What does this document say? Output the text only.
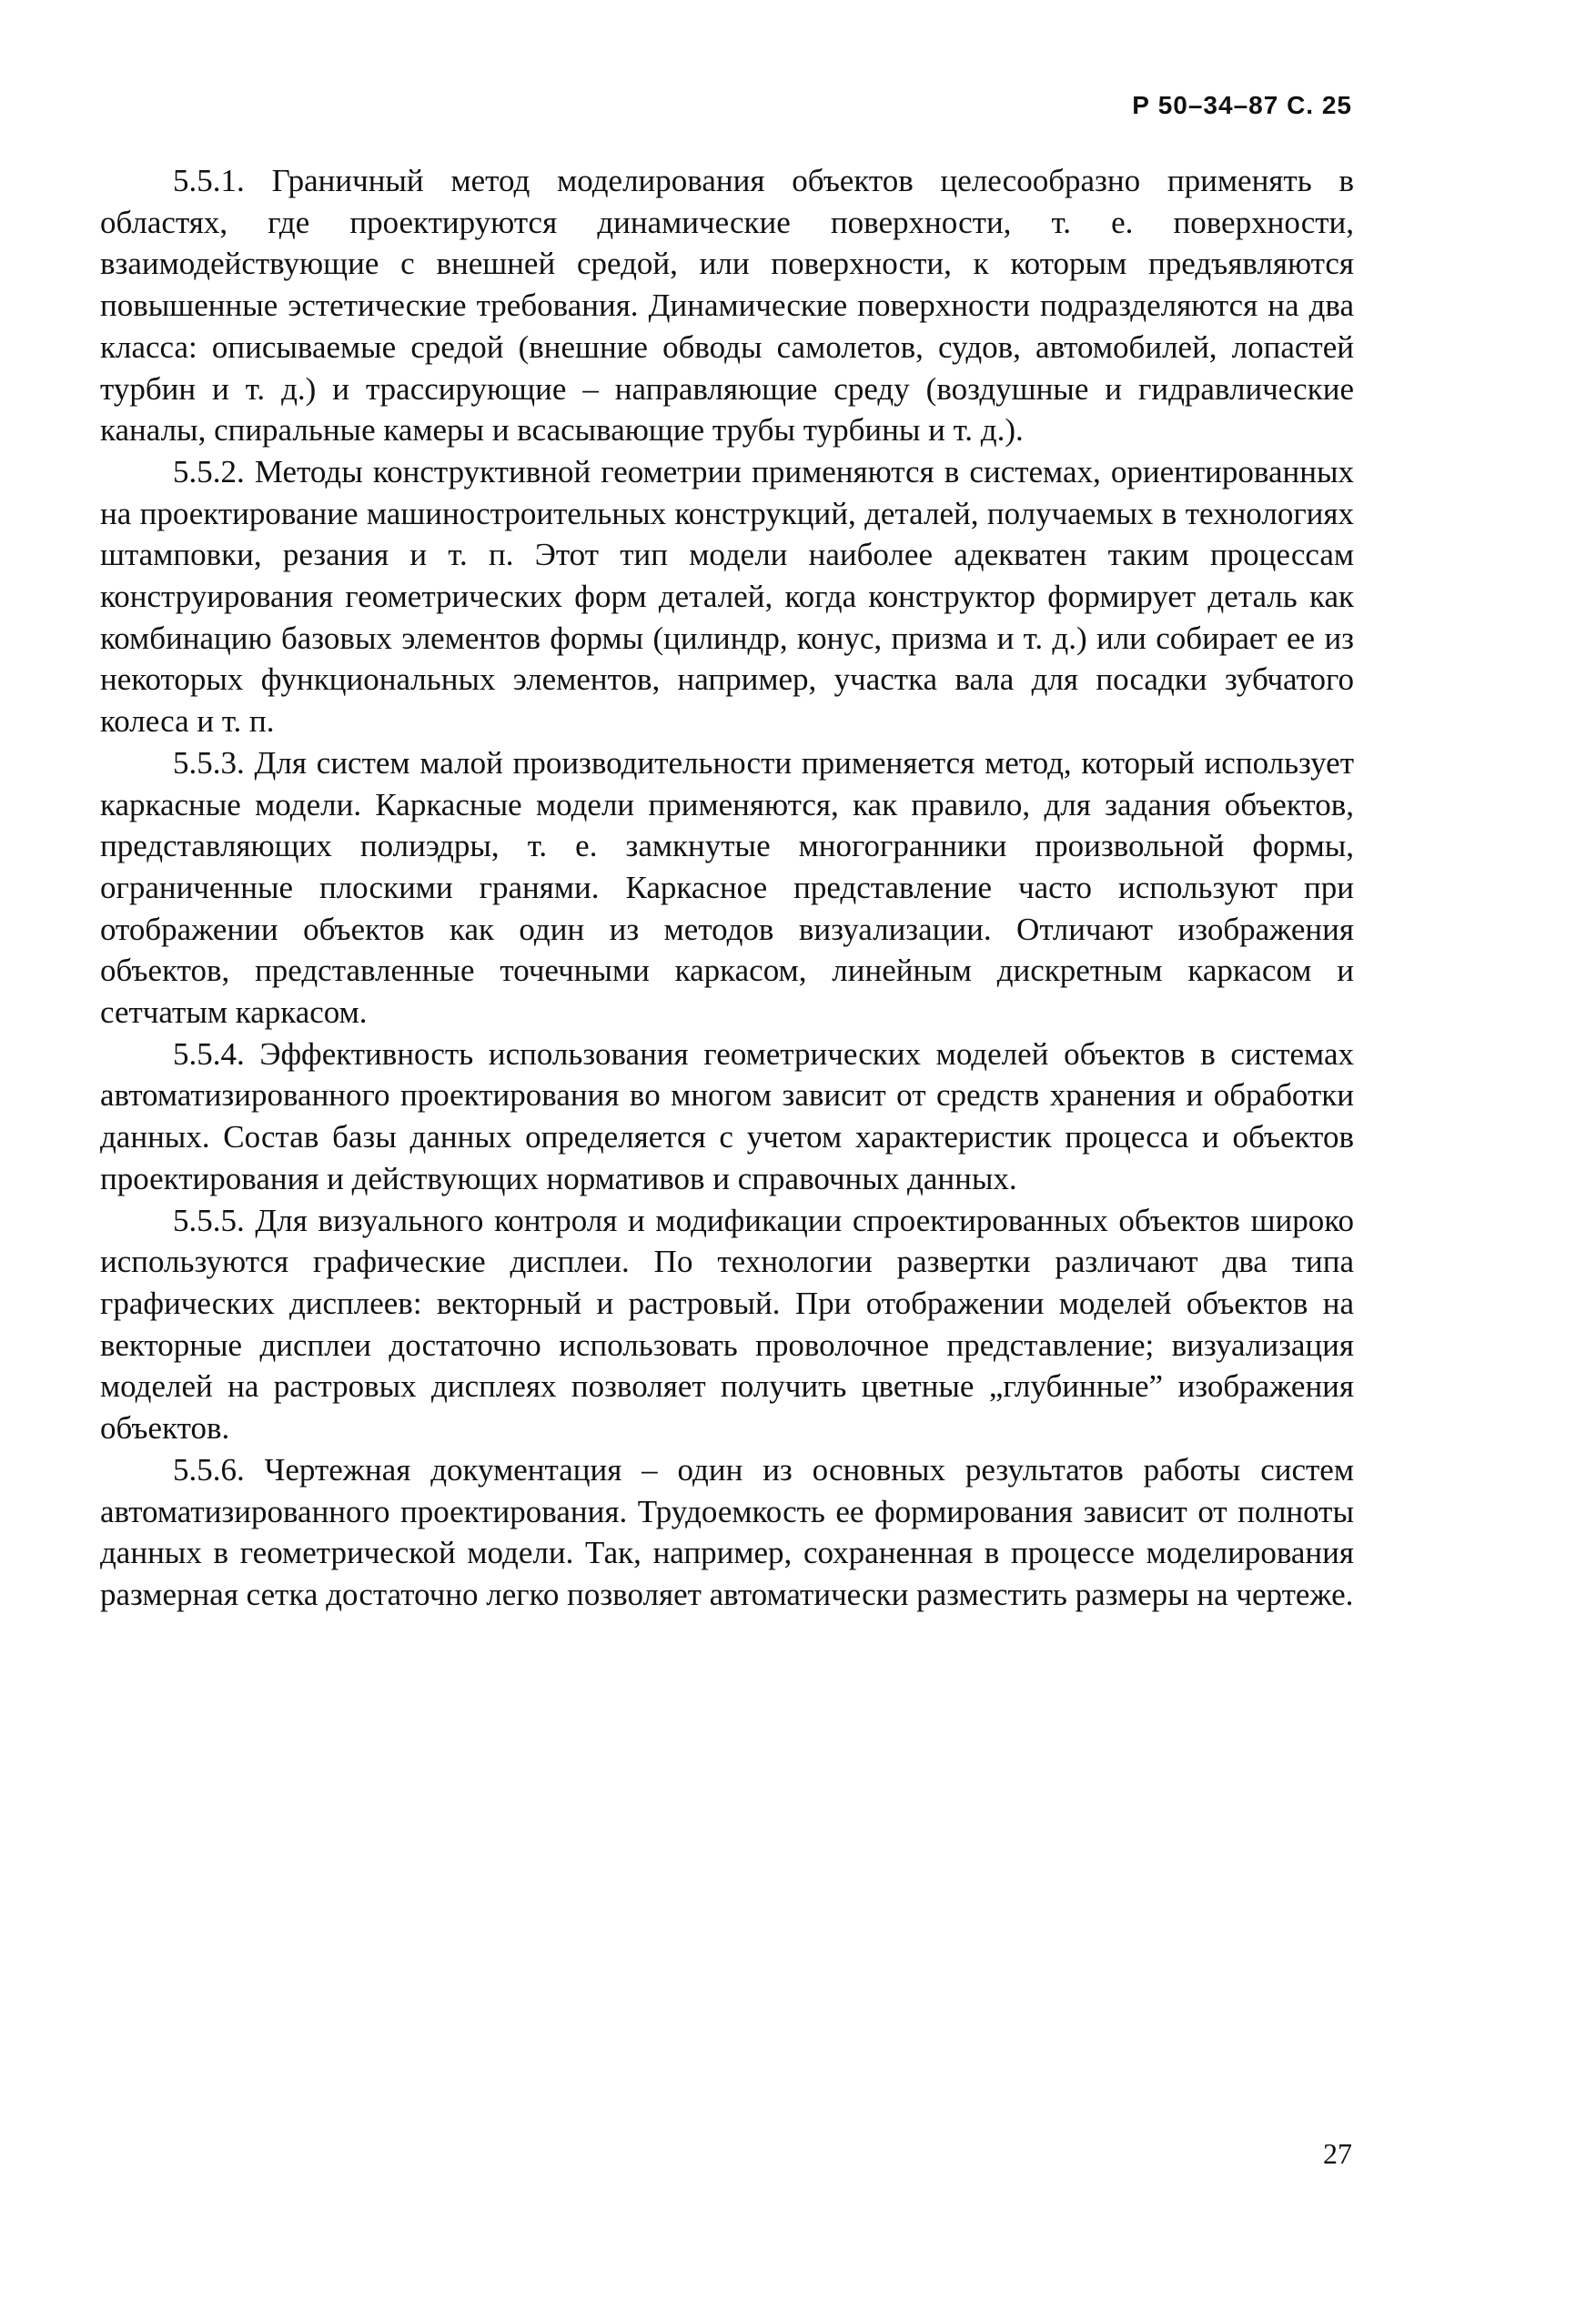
Р 50–34–87 С. 25

5.5.1. Граничный метод моделирования объектов целесообразно применять в областях, где проектируются динамические поверхности, т. е. поверхности, взаимодействующие с внешней средой, или поверхности, к которым предъявляются повышенные эстетические требования. Динамические поверхности подразделяются на два класса: описываемые средой (внешние обводы самолетов, судов, автомобилей, лопастей турбин и т. д.) и трассирующие – направляющие среду (воздушные и гидравлические каналы, спиральные камеры и всасывающие трубы турбины и т. д.).

5.5.2. Методы конструктивной геометрии применяются в системах, ориентированных на проектирование машиностроительных конструкций, деталей, получаемых в технологиях штамповки, резания и т. п. Этот тип модели наиболее адекватен таким процессам конструирования геометрических форм деталей, когда конструктор формирует деталь как комбинацию базовых элементов формы (цилиндр, конус, призма и т. д.) или собирает ее из некоторых функциональных элементов, например, участка вала для посадки зубчатого колеса и т. п.

5.5.3. Для систем малой производительности применяется метод, который использует каркасные модели. Каркасные модели применяются, как правило, для задания объектов, представляющих полиэдры, т. е. замкнутые многогранники произвольной формы, ограниченные плоскими гранями. Каркасное представление часто используют при отображении объектов как один из методов визуализации. Отличают изображения объектов, представленные точечными каркасом, линейным дискретным каркасом и сетчатым каркасом.

5.5.4. Эффективность использования геометрических моделей объектов в системах автоматизированного проектирования во многом зависит от средств хранения и обработки данных. Состав базы данных определяется с учетом характеристик процесса и объектов проектирования и действующих нормативов и справочных данных.

5.5.5. Для визуального контроля и модификации спроектированных объектов широко используются графические дисплеи. По технологии развертки различают два типа графических дисплеев: векторный и растровый. При отображении моделей объектов на векторные дисплеи достаточно использовать проволочное представление; визуализация моделей на растровых дисплеях позволяет получить цветные „глубинные” изображения объектов.

5.5.6. Чертежная документация – один из основных результатов работы систем автоматизированного проектирования. Трудоемкость ее формирования зависит от полноты данных в геометрической модели. Так, например, сохраненная в процессе моделирования размерная сетка достаточно легко позволяет автоматически разместить размеры на чертеже.

27
